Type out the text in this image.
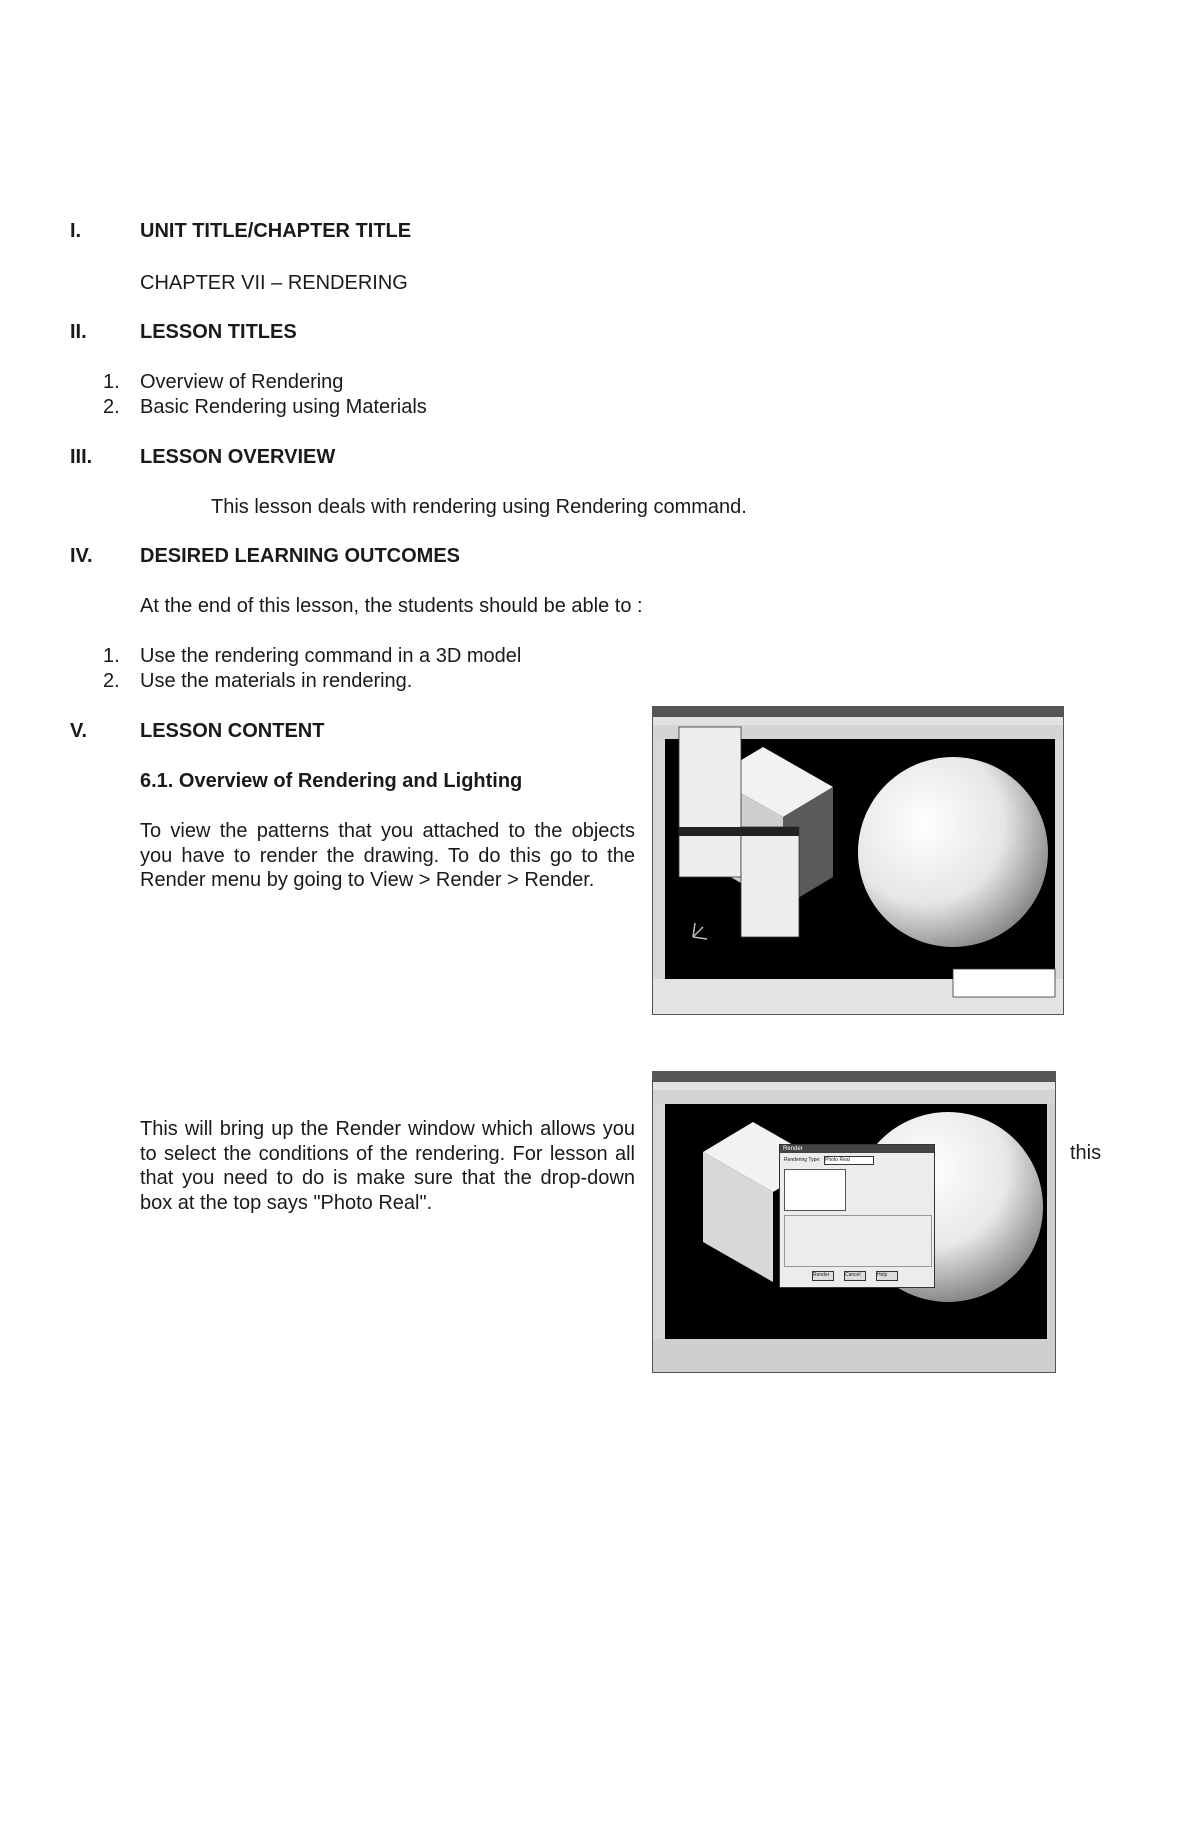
I.	UNIT TITLE/CHAPTER TITLE
CHAPTER VII – RENDERING
II.	LESSON TITLES
1. Overview of Rendering
2. Basic Rendering using Materials
III. LESSON OVERVIEW
This lesson deals with rendering using Rendering command.
IV. DESIRED LEARNING OUTCOMES
At the end of this lesson, the students should be able to :
1. Use the rendering command in a 3D model
2. Use the materials in rendering.
V.	LESSON CONTENT
6.1. Overview of Rendering and Lighting
To view the patterns that you attached to the objects you have to render the drawing. To do this go to the Render menu by going to View > Render > Render.
This will bring up the Render window which allows you to select the conditions of the rendering. For lesson all that you need to do is make sure that the drop-down box at the top says "Photo Real".
this
Render
Rendering Type: Photo Real
Render	Cancel	Help
